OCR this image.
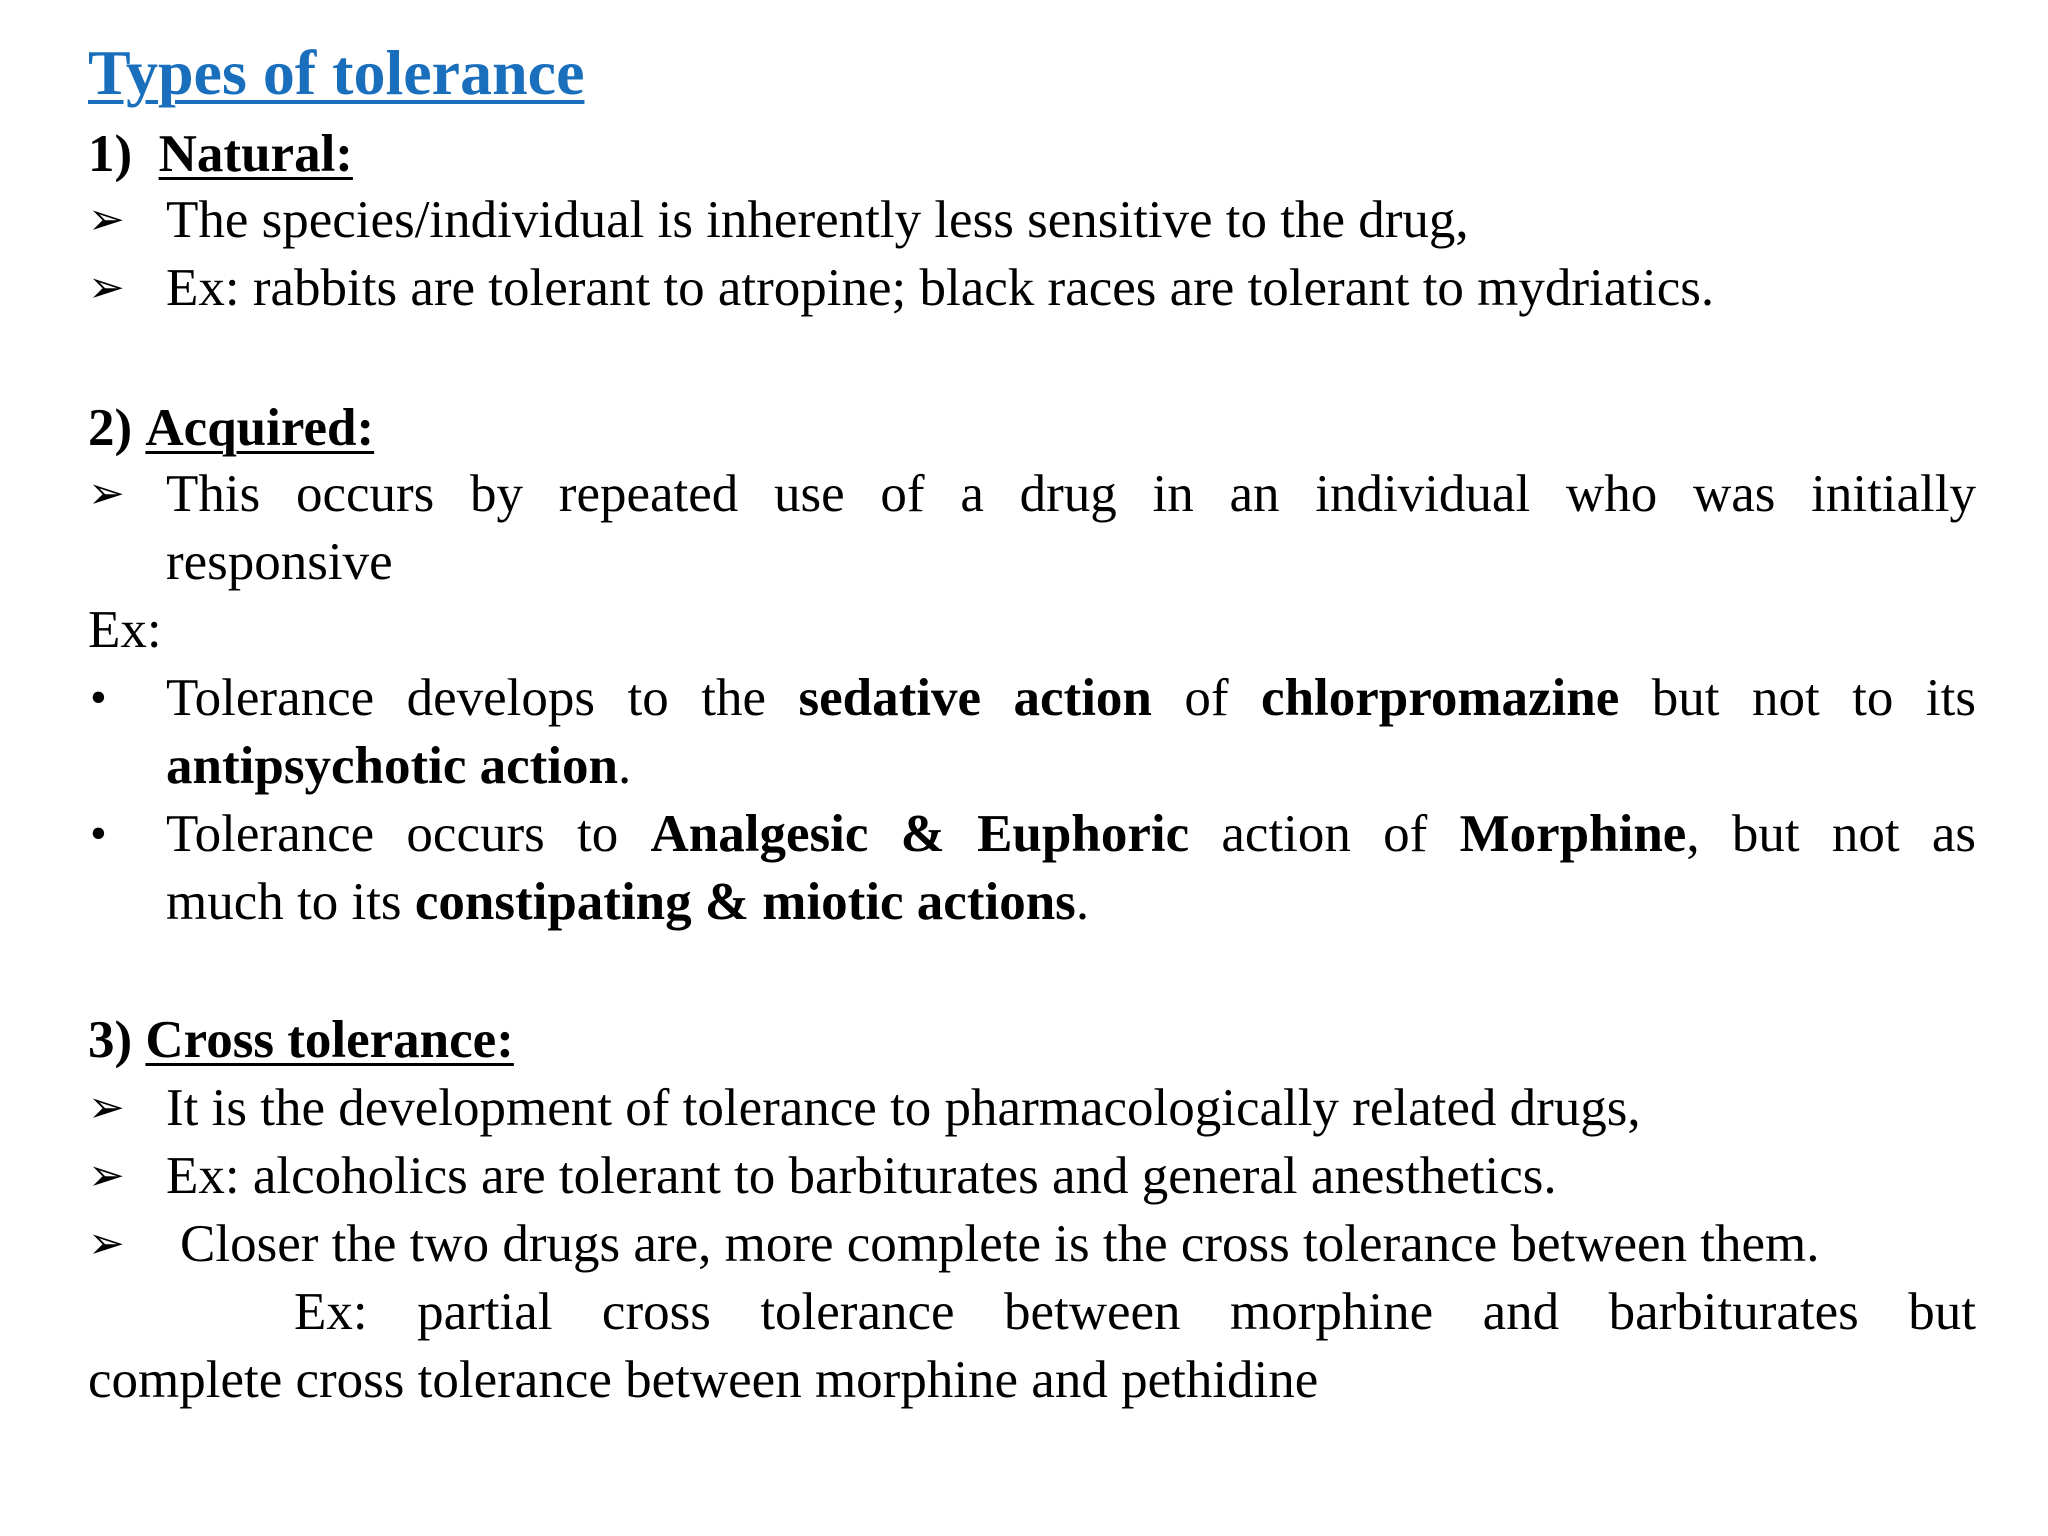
Types of tolerance
1) Natural:
➢ The species/individual is inherently less sensitive to the drug,
➢ Ex: rabbits are tolerant to atropine; black races are tolerant to mydriatics.
2) Acquired:
➢ This occurs by repeated use of a drug in an individual who was initially
responsive
Ex:
• Tolerance develops to the sedative action of chlorpromazine but not to its
antipsychotic action.
• Tolerance occurs to Analgesic & Euphoric action of Morphine, but not as
much to its constipating & miotic actions.
3) Cross tolerance:
➢ It is the development of tolerance to pharmacologically related drugs,
➢ Ex: alcoholics are tolerant to barbiturates and general anesthetics.
➢ Closer the two drugs are, more complete is the cross tolerance between them.
Ex: partial cross tolerance between morphine and barbiturates but
complete cross tolerance between morphine and pethidine
